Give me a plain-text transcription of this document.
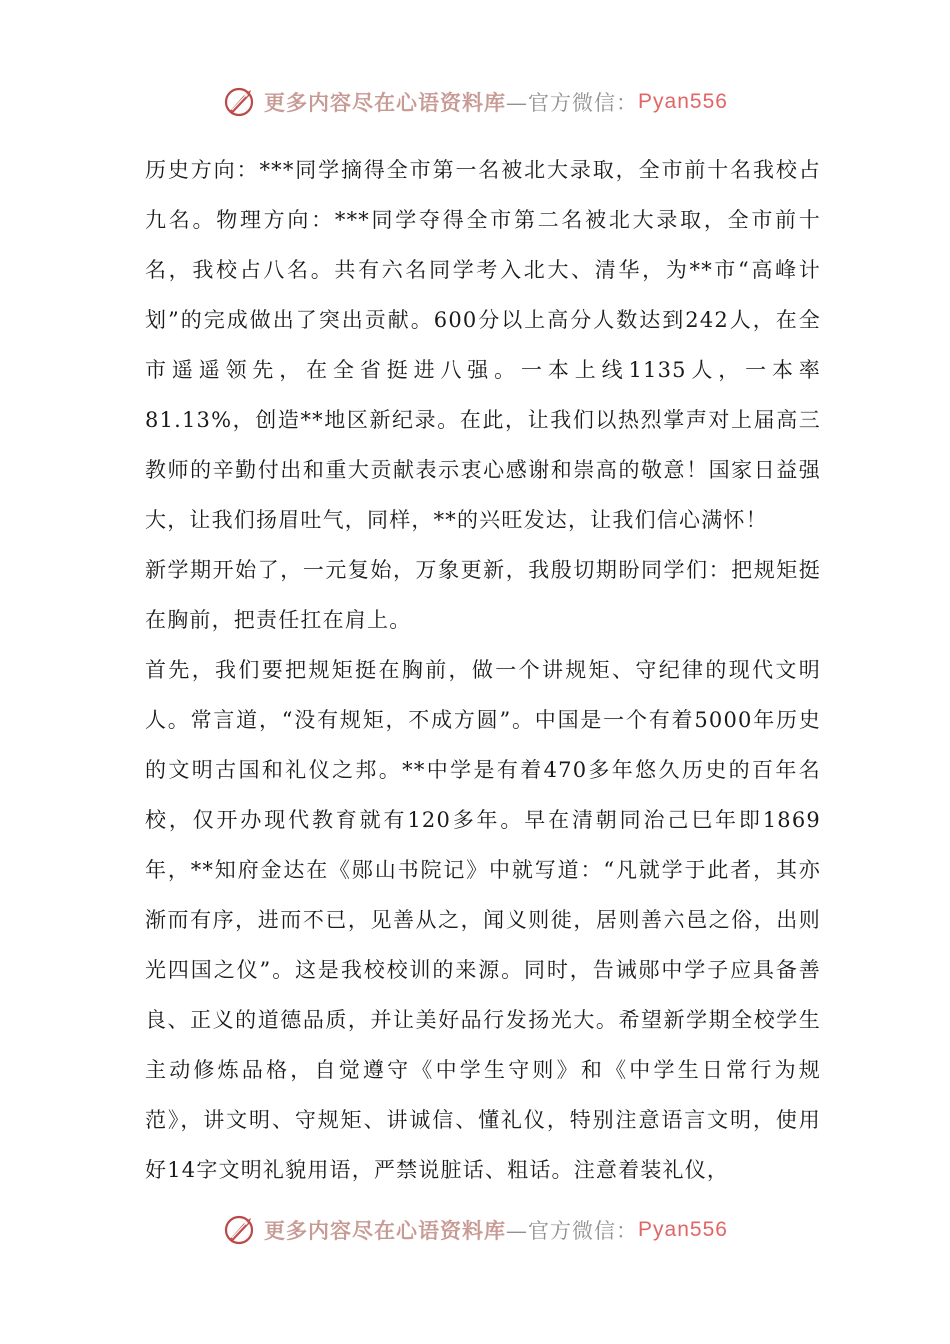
更多内容尽在心语资料库 —官方微信： Pyan556

历史方向：***同学摘得全市第一名被北大录取，全市前十名我校占九名。物理方向：***同学夺得全市第二名被北大录取，全市前十名，我校占八名。共有六名同学考入北大、清华，为**市“高峰计划”的完成做出了突出贡献。600分以上高分人数达到242人，在全市遥遥领先，在全省挺进八强。一本上线1135人，一本率81.13%，创造**地区新纪录。在此，让我们以热烈掌声对上届高三教师的辛勤付出和重大贡献表示衷心感谢和崇高的敬意！国家日益强大，让我们扬眉吐气，同样，**的兴旺发达，让我们信心满怀！

新学期开始了，一元复始，万象更新，我殷切期盼同学们：把规矩挺在胸前，把责任扛在肩上。

首先，我们要把规矩挺在胸前，做一个讲规矩、守纪律的现代文明人。常言道，“没有规矩，不成方圆”。中国是一个有着5000年历史的文明古国和礼仪之邦。**中学是有着470多年悠久历史的百年名校，仅开办现代教育就有120多年。早在清朝同治己巳年即1869年，**知府金达在《郧山书院记》中就写道：“凡就学于此者，其亦渐而有序，进而不已，见善从之，闻义则徙，居则善六邑之俗，出则光四国之仪”。这是我校校训的来源。同时，告诫郧中学子应具备善良、正义的道德品质，并让美好品行发扬光大。希望新学期全校学生主动修炼品格，自觉遵守《中学生守则》和《中学生日常行为规范》，讲文明、守规矩、讲诚信、懂礼仪，特别注意语言文明，使用好14字文明礼貌用语，严禁说脏话、粗话。注意着装礼仪，

更多内容尽在心语资料库 —官方微信： Pyan556
